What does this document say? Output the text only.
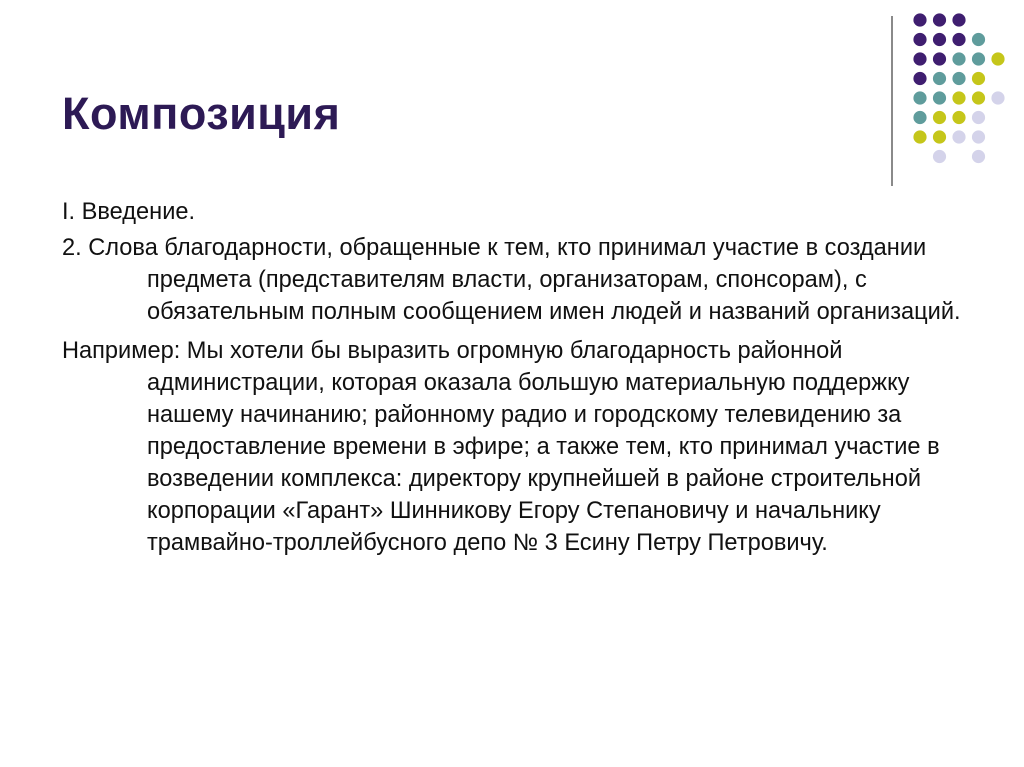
Композиция

I. Введение.

2. Слова благодарности, обращенные к тем, кто принимал участие в создании предмета (представителям власти, организаторам, спонсорам), с обязательным полным сообщением имен людей и названий организаций.

Например: Мы хотели бы выразить огромную благодарность районной администрации, которая оказала большую материальную поддержку нашему начинанию; районному радио и городскому телевидению за предоставление времени в эфире; а также тем, кто принимал участие в возведении комплекса: директору крупнейшей в районе строительной корпорации «Гарант» Шинникову Егору Степановичу и начальнику трамвайно-троллейбусного депо № 3 Есину Петру Петровичу.
